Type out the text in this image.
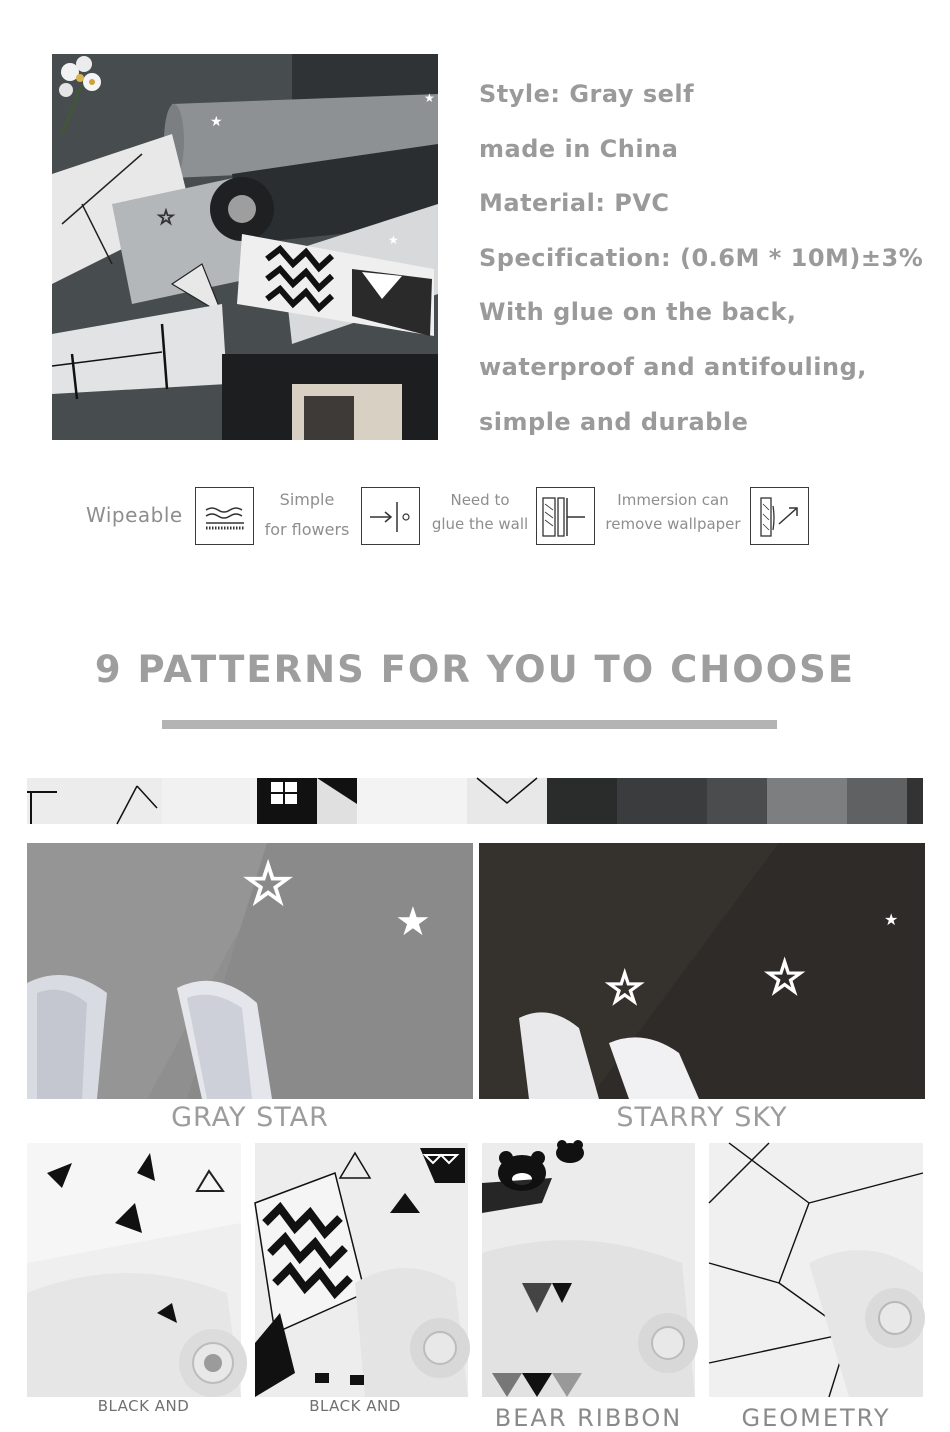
★
★
☆
★

Style: Gray self

made in China

Material: PVC

Specification: (0.6M * 10M)±3%

With glue on the back,

waterproof and antifouling,

simple and durable

Wipeable
Simple
for flowers
Need to
glue the wall
Immersion can
remove wallpaper
9 PATTERNS FOR YOU TO CHOOSE
☆
★
GRAY STAR
☆	☆
★
STARRY SKY
BLACK AND	BLACK AND	BEAR RIBBON	GEOMETRY
